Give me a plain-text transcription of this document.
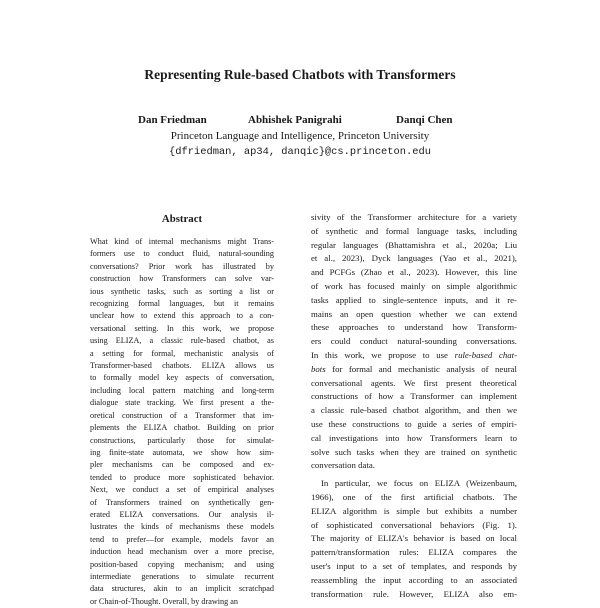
Representing Rule-based Chatbots with Transformers
Dan Friedman	Abhishek Panigrahi	Danqi Chen
Princeton Language and Intelligence, Princeton University
{dfriedman, ap34, danqic}@cs.princeton.edu
Abstract
What kind of internal mechanisms might Trans-
formers use to conduct fluid, natural-sounding
conversations? Prior work has illustrated by
construction how Transformers can solve var-
ious synthetic tasks, such as sorting a list or
recognizing formal languages, but it remains
unclear how to extend this approach to a con-
versational setting. In this work, we propose
using ELIZA, a classic rule-based chatbot, as
a setting for formal, mechanistic analysis of
Transformer-based chatbots. ELIZA allows us
to formally model key aspects of conversation,
including local pattern matching and long-term
dialogue state tracking. We first present a the-
oretical construction of a Transformer that im-
plements the ELIZA chatbot. Building on prior
constructions, particularly those for simulat-
ing finite-state automata, we show how sim-
pler mechanisms can be composed and ex-
tended to produce more sophisticated behavior.
Next, we conduct a set of empirical analyses
of Transformers trained on synthetically gen-
erated ELIZA conversations. Our analysis il-
lustrates the kinds of mechanisms these models
tend to prefer—for example, models favor an
induction head mechanism over a more precise,
position-based copying mechanism; and using
intermediate generations to simulate recurrent
data structures, akin to an implicit scratchpad
or Chain-of-Thought. Overall, by drawing an
sivity of the Transformer architecture for a variety
of synthetic and formal language tasks, including
regular languages (Bhattamishra et al., 2020a; Liu
et al., 2023), Dyck languages (Yao et al., 2021),
and PCFGs (Zhao et al., 2023). However, this line
of work has focused mainly on simple algorithmic
tasks applied to single-sentence inputs, and it re-
mains an open question whether we can extend
these approaches to understand how Transform-
ers could conduct natural-sounding conversations.
In this work, we propose to use rule-based chat-
bots for formal and mechanistic analysis of neural
conversational agents. We first present theoretical
constructions of how a Transformer can implement
a classic rule-based chatbot algorithm, and then we
use these constructions to guide a series of empiri-
cal investigations into how Transformers learn to
solve such tasks when they are trained on synthetic
conversation data.
In particular, we focus on ELIZA (Weizenbaum,
1966), one of the first artificial chatbots. The
ELIZA algorithm is simple but exhibits a number
of sophisticated conversational behaviors (Fig. 1).
The majority of ELIZA's behavior is based on local
pattern/transformation rules: ELIZA compares the
user's input to a set of templates, and responds by
reassembling the input according to an associated
transformation rule. However, ELIZA also em-
